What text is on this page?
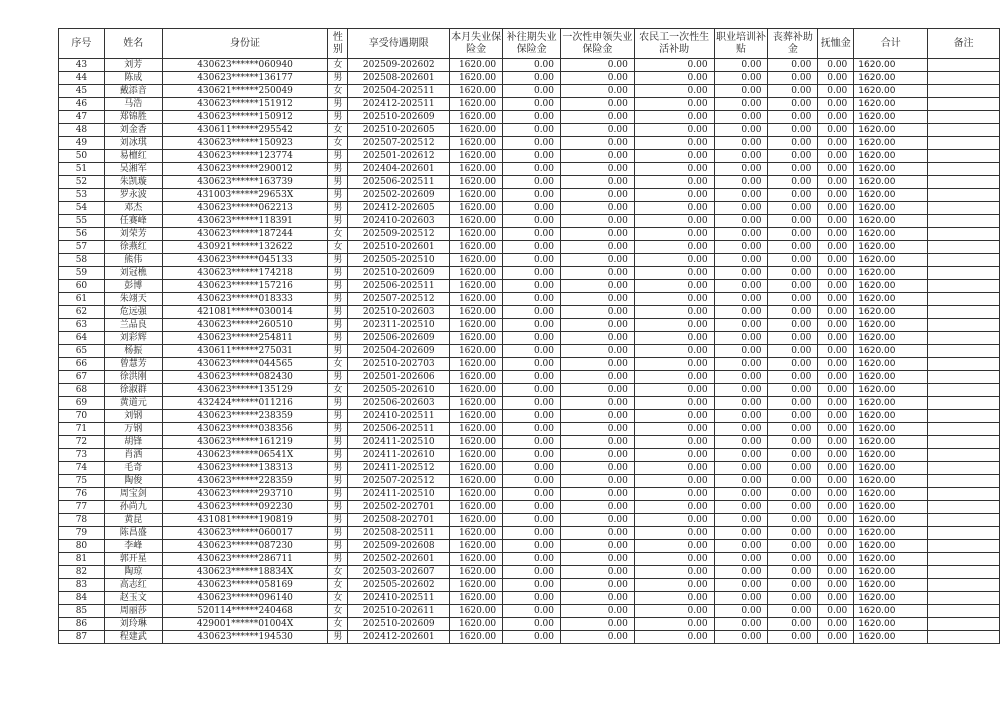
序号	姓名	身份证	性别	享受待遇期限	本月失业保险金	补往期失业保险金	一次性申领失业保险金	农民工一次性生活补助	职业培训补贴	丧葬补助金	抚恤金	合计	备注
43	刘芳	430623******060940	女	202509-202602	1620.00	0.00	0.00	0.00	0.00	0.00	0.00	1620.00	
44	陈成	430623******136177	男	202508-202601	1620.00	0.00	0.00	0.00	0.00	0.00	0.00	1620.00	
45	戴添音	430621******250049	女	202504-202511	1620.00	0.00	0.00	0.00	0.00	0.00	0.00	1620.00	
46	马浩	430623******151912	男	202412-202511	1620.00	0.00	0.00	0.00	0.00	0.00	0.00	1620.00	
47	郑锦胜	430623******150912	男	202510-202609	1620.00	0.00	0.00	0.00	0.00	0.00	0.00	1620.00	
48	刘金香	430611******295542	女	202510-202605	1620.00	0.00	0.00	0.00	0.00	0.00	0.00	1620.00	
49	刘冰琪	430623******150923	女	202507-202512	1620.00	0.00	0.00	0.00	0.00	0.00	0.00	1620.00	
50	易檀红	430623******123774	男	202501-202612	1620.00	0.00	0.00	0.00	0.00	0.00	0.00	1620.00	
51	吴湘军	430623******290012	男	202404-202601	1620.00	0.00	0.00	0.00	0.00	0.00	0.00	1620.00	
52	朱凯璇	430623******163739	男	202506-202511	1620.00	0.00	0.00	0.00	0.00	0.00	0.00	1620.00	
53	罗永波	431003******29653X	男	202502-202609	1620.00	0.00	0.00	0.00	0.00	0.00	0.00	1620.00	
54	邓杰	430623******062213	男	202412-202605	1620.00	0.00	0.00	0.00	0.00	0.00	0.00	1620.00	
55	任赛峰	430623******118391	男	202410-202603	1620.00	0.00	0.00	0.00	0.00	0.00	0.00	1620.00	
56	刘荣芳	430623******187244	女	202509-202512	1620.00	0.00	0.00	0.00	0.00	0.00	0.00	1620.00	
57	徐燕红	430921******132622	女	202510-202601	1620.00	0.00	0.00	0.00	0.00	0.00	0.00	1620.00	
58	熊伟	430623******045133	男	202505-202510	1620.00	0.00	0.00	0.00	0.00	0.00	0.00	1620.00	
59	刘冠樵	430623******174218	男	202510-202609	1620.00	0.00	0.00	0.00	0.00	0.00	0.00	1620.00	
60	彭博	430623******157216	男	202506-202511	1620.00	0.00	0.00	0.00	0.00	0.00	0.00	1620.00	
61	朱翊天	430623******018333	男	202507-202512	1620.00	0.00	0.00	0.00	0.00	0.00	0.00	1620.00	
62	危远强	421081******030014	男	202510-202603	1620.00	0.00	0.00	0.00	0.00	0.00	0.00	1620.00	
63	兰品良	430623******260510	男	202311-202510	1620.00	0.00	0.00	0.00	0.00	0.00	0.00	1620.00	
64	刘彩辉	430623******254811	男	202506-202609	1620.00	0.00	0.00	0.00	0.00	0.00	0.00	1620.00	
65	杨振	430611******275031	男	202504-202609	1620.00	0.00	0.00	0.00	0.00	0.00	0.00	1620.00	
66	曾慧芳	430623******044565	女	202510-202703	1620.00	0.00	0.00	0.00	0.00	0.00	0.00	1620.00	
67	徐洪刚	430623******082430	男	202501-202606	1620.00	0.00	0.00	0.00	0.00	0.00	0.00	1620.00	
68	徐淑群	430623******135129	女	202505-202610	1620.00	0.00	0.00	0.00	0.00	0.00	0.00	1620.00	
69	黄道元	432424******011216	男	202506-202603	1620.00	0.00	0.00	0.00	0.00	0.00	0.00	1620.00	
70	刘钢	430623******238359	男	202410-202511	1620.00	0.00	0.00	0.00	0.00	0.00	0.00	1620.00	
71	万钢	430623******038356	男	202506-202511	1620.00	0.00	0.00	0.00	0.00	0.00	0.00	1620.00	
72	胡锋	430623******161219	男	202411-202510	1620.00	0.00	0.00	0.00	0.00	0.00	0.00	1620.00	
73	肖洒	430623******06541X	男	202411-202610	1620.00	0.00	0.00	0.00	0.00	0.00	0.00	1620.00	
74	毛奇	430623******138313	男	202411-202512	1620.00	0.00	0.00	0.00	0.00	0.00	0.00	1620.00	
75	陶俊	430623******228359	男	202507-202512	1620.00	0.00	0.00	0.00	0.00	0.00	0.00	1620.00	
76	周宝剑	430623******293710	男	202411-202510	1620.00	0.00	0.00	0.00	0.00	0.00	0.00	1620.00	
77	孙尚九	430623******092230	男	202502-202701	1620.00	0.00	0.00	0.00	0.00	0.00	0.00	1620.00	
78	黄昆	431081******190819	男	202508-202701	1620.00	0.00	0.00	0.00	0.00	0.00	0.00	1620.00	
79	陈昌盛	430623******060017	男	202508-202511	1620.00	0.00	0.00	0.00	0.00	0.00	0.00	1620.00	
80	李峰	430623******087230	男	202509-202608	1620.00	0.00	0.00	0.00	0.00	0.00	0.00	1620.00	
81	郭开星	430623******286711	男	202502-202601	1620.00	0.00	0.00	0.00	0.00	0.00	0.00	1620.00	
82	陶琼	430623******18834X	女	202503-202607	1620.00	0.00	0.00	0.00	0.00	0.00	0.00	1620.00	
83	高志红	430623******058169	女	202505-202602	1620.00	0.00	0.00	0.00	0.00	0.00	0.00	1620.00	
84	赵玉文	430623******096140	女	202410-202511	1620.00	0.00	0.00	0.00	0.00	0.00	0.00	1620.00	
85	周丽莎	520114******240468	女	202510-202611	1620.00	0.00	0.00	0.00	0.00	0.00	0.00	1620.00	
86	刘玲琳	429001******01004X	女	202510-202609	1620.00	0.00	0.00	0.00	0.00	0.00	0.00	1620.00	
87	程建武	430623******194530	男	202412-202601	1620.00	0.00	0.00	0.00	0.00	0.00	0.00	1620.00	
